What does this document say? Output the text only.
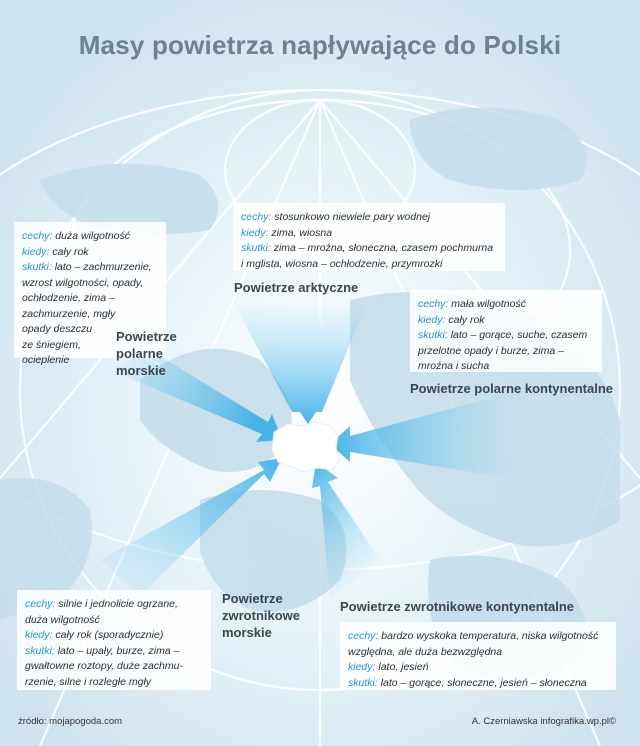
Masy powietrza napływające do Polski
cechy: duża wilgotność
kiedy: cały rok
skutki: lato – zachmurzenie,
wzrost wilgotności, opady,
ochłodzenie, zima –
zachmurzenie, mgły
opady deszczu
ze śniegiem,
ocieplenie
cechy: stosunkowo niewiele pary wodnej
kiedy: zima, wiosna
skutki: zima – mroźna, słoneczna, czasem pochmurna
i mglista, wiosna – ochłodzenie, przymrozki
cechy: mała wilgotność
kiedy: cały rok
skutki: lato – gorące, suche, czasem
przelotne opady i burze, zima –
mroźna i sucha
cechy: silnie i jednolicie ogrzane,
duża wilgotność
kiedy: cały rok (sporadycznie)
skutki: lato – upały, burze, zima –
gwałtowne roztopy, duże zachmu-
rzenie, silne i rozległe mgły
cechy: bardzo wyskoka temperatura, niska wilgotność
względna, ale duża bezwzględna
kiedy: lato, jesień
skutki: lato – gorące, słoneczne, jesień – słoneczna
Powietrze
polarne
morskie
Powietrze arktyczne
Powietrze polarne kontynentalne
Powietrze
zwrotnikowe
morskie
Powietrze zwrotnikowe kontynentalne
źródło: mojapogoda.com	A. Czerniawska infografika.wp.pl©
